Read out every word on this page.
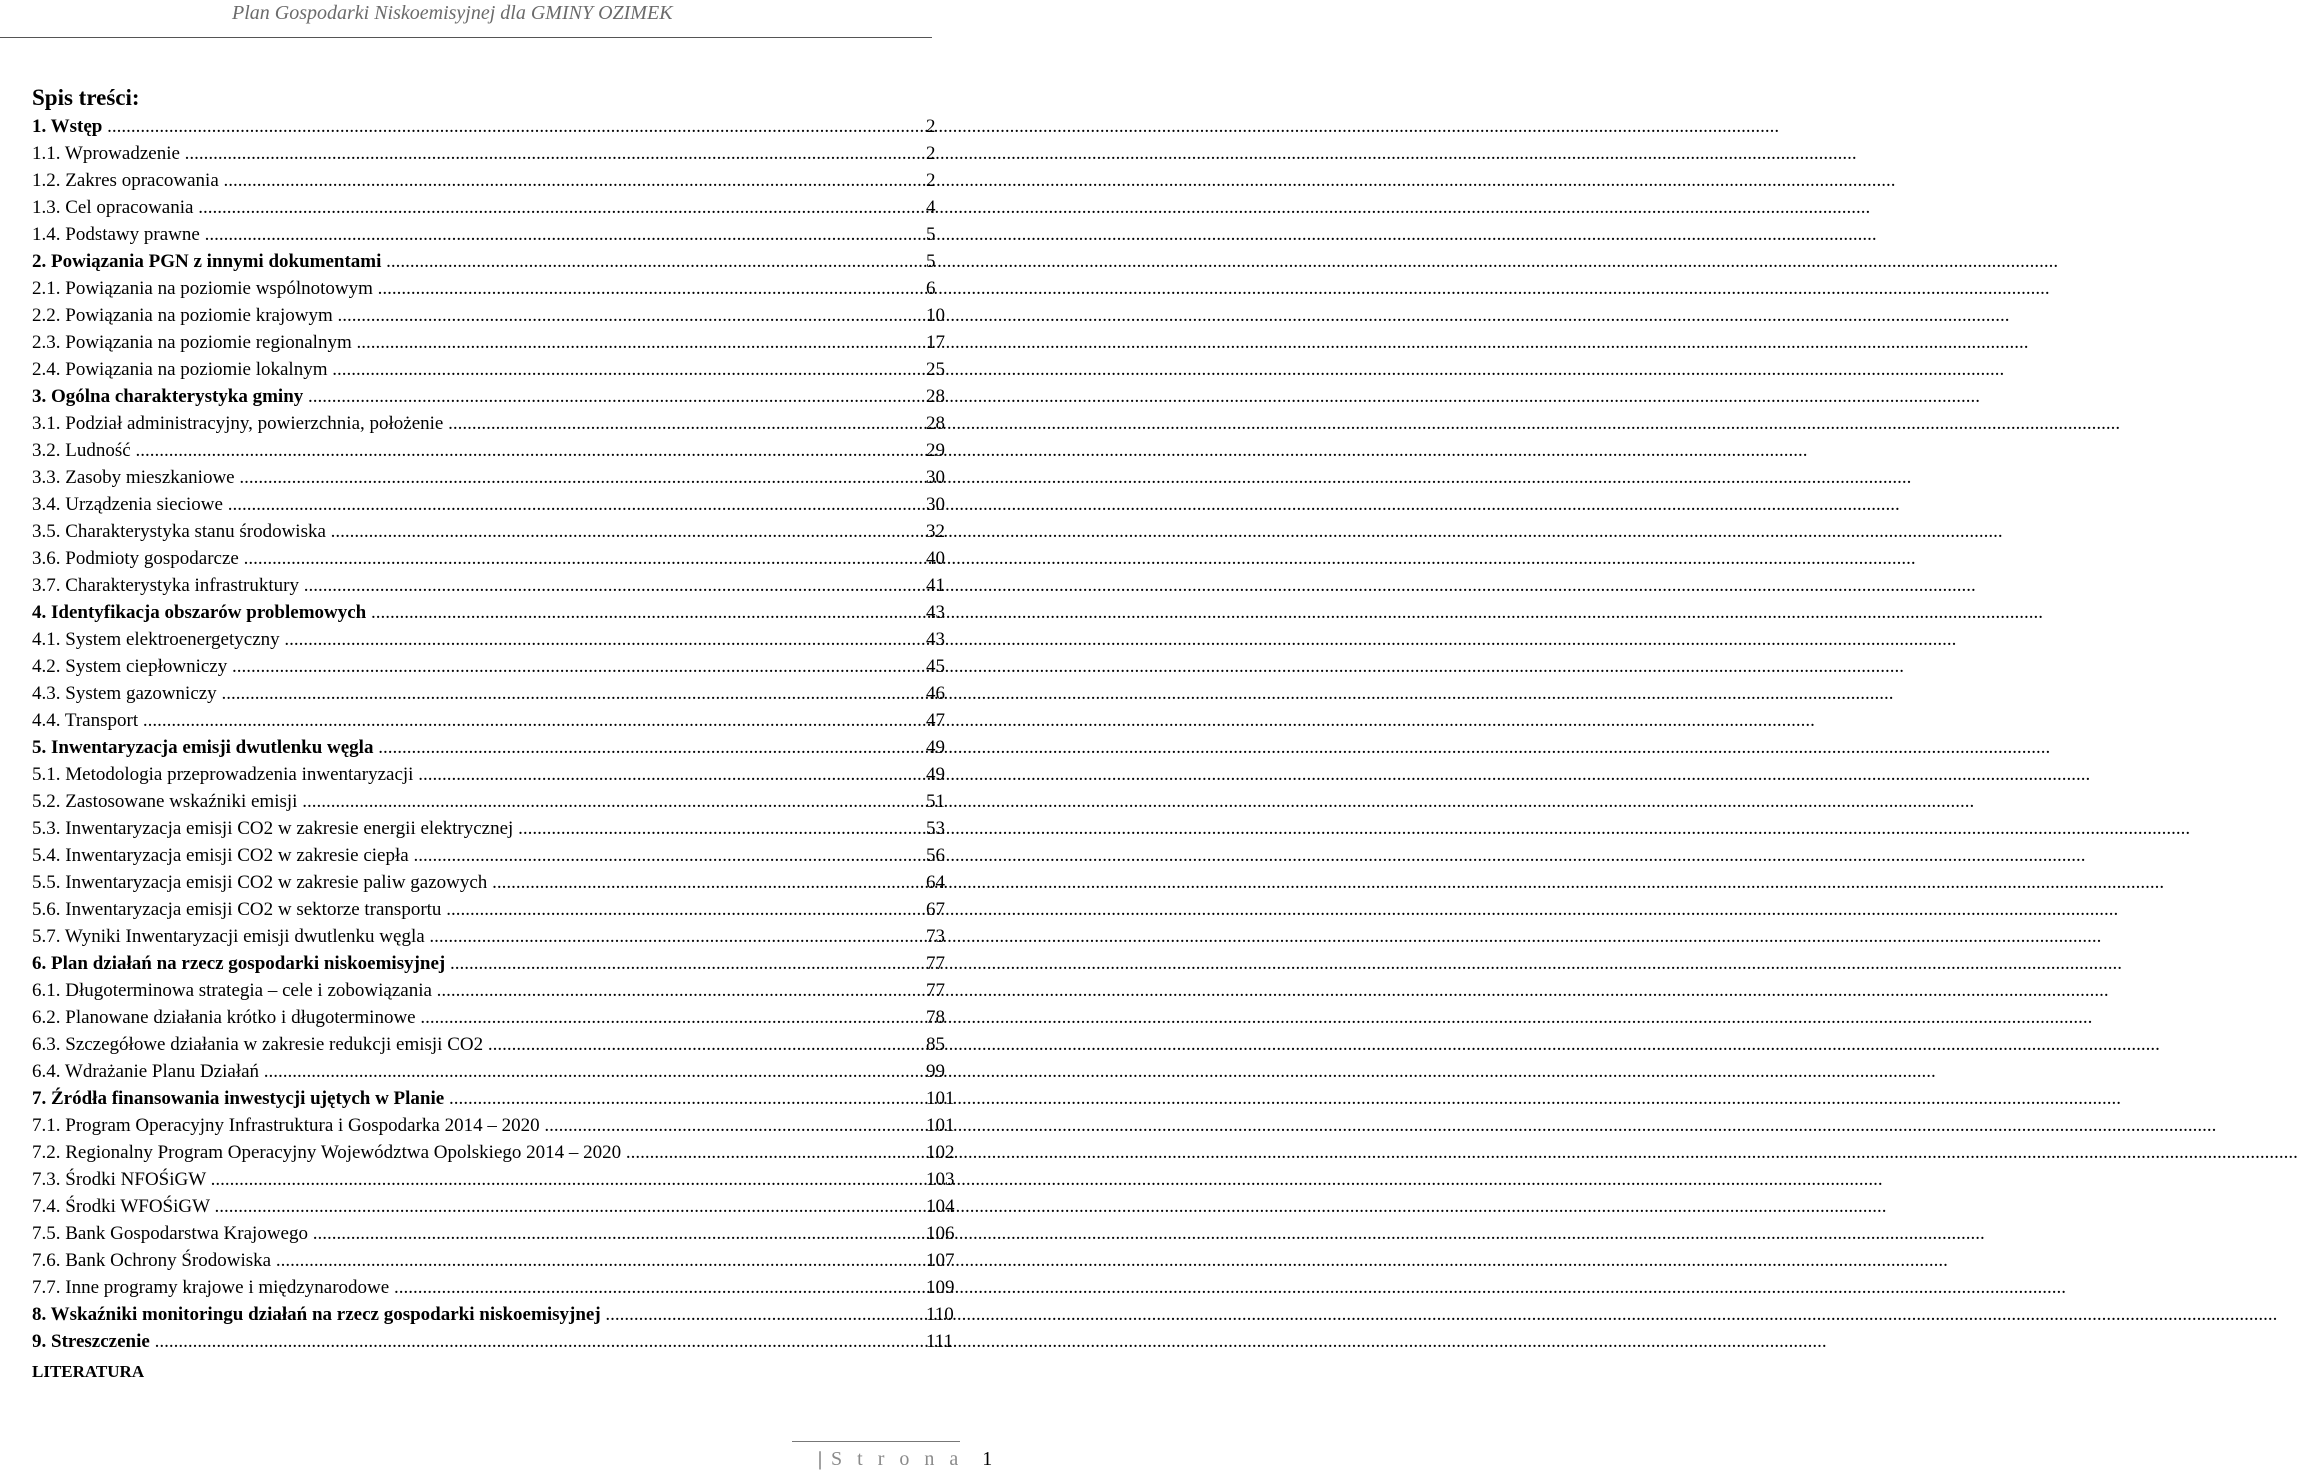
Plan Gospodarki Niskoemisyjnej dla GMINY OZIMEK
Spis treści:
1. Wstęp .....	2
1.1. Wprowadzenie .....	2
1.2. Zakres opracowania .....	2
1.3. Cel opracowania .....	4
1.4. Podstawy prawne .....	5
2. Powiązania PGN z innymi dokumentami .....	5
2.1. Powiązania na poziomie wspólnotowym .....	6
2.2. Powiązania na poziomie krajowym .....	10
2.3. Powiązania na poziomie regionalnym .....	17
2.4. Powiązania na poziomie lokalnym .....	25
3. Ogólna charakterystyka gminy .....	28
3.1. Podział administracyjny, powierzchnia, położenie .....	28
3.2. Ludność .....	29
3.3. Zasoby mieszkaniowe .....	30
3.4. Urządzenia sieciowe .....	30
3.5. Charakterystyka stanu środowiska .....	32
3.6. Podmioty gospodarcze .....	40
3.7. Charakterystyka infrastruktury .....	41
4. Identyfikacja obszarów problemowych .....	43
4.1. System elektroenergetyczny .....	43
4.2. System ciepłowniczy .....	45
4.3. System gazowniczy .....	46
4.4. Transport .....	47
5. Inwentaryzacja emisji dwutlenku węgla .....	49
5.1. Metodologia przeprowadzenia inwentaryzacji .....	49
5.2. Zastosowane wskaźniki emisji .....	51
5.3. Inwentaryzacja emisji CO2 w zakresie energii elektrycznej .....	53
5.4. Inwentaryzacja emisji CO2 w zakresie ciepła .....	56
5.5. Inwentaryzacja emisji CO2 w zakresie paliw gazowych .....	64
5.6. Inwentaryzacja emisji CO2 w sektorze transportu .....	67
5.7. Wyniki Inwentaryzacji emisji dwutlenku węgla .....	73
6. Plan działań na rzecz gospodarki niskoemisyjnej .....	77
6.1. Długoterminowa strategia – cele i zobowiązania .....	77
6.2. Planowane działania krótko i długoterminowe .....	78
6.3. Szczegółowe działania w zakresie redukcji emisji CO2 .....	85
6.4. Wdrażanie Planu Działań .....	99
7. Źródła finansowania inwestycji ujętych w Planie .....	101
7.1. Program Operacyjny Infrastruktura i Gospodarka 2014 – 2020 .....	101
7.2. Regionalny Program Operacyjny Województwa Opolskiego 2014 – 2020 .....	102
7.3. Środki NFOŚiGW .....	103
7.4. Środki WFOŚiGW .....	104
7.5. Bank Gospodarstwa Krajowego .....	106
7.6. Bank Ochrony Środowiska .....	107
7.7. Inne programy krajowe i międzynarodowe .....	109
8. Wskaźniki monitoringu działań na rzecz gospodarki niskoemisyjnej .....	110
9. Streszczenie .....	111
LITERATURA
| S t r o n a 1
